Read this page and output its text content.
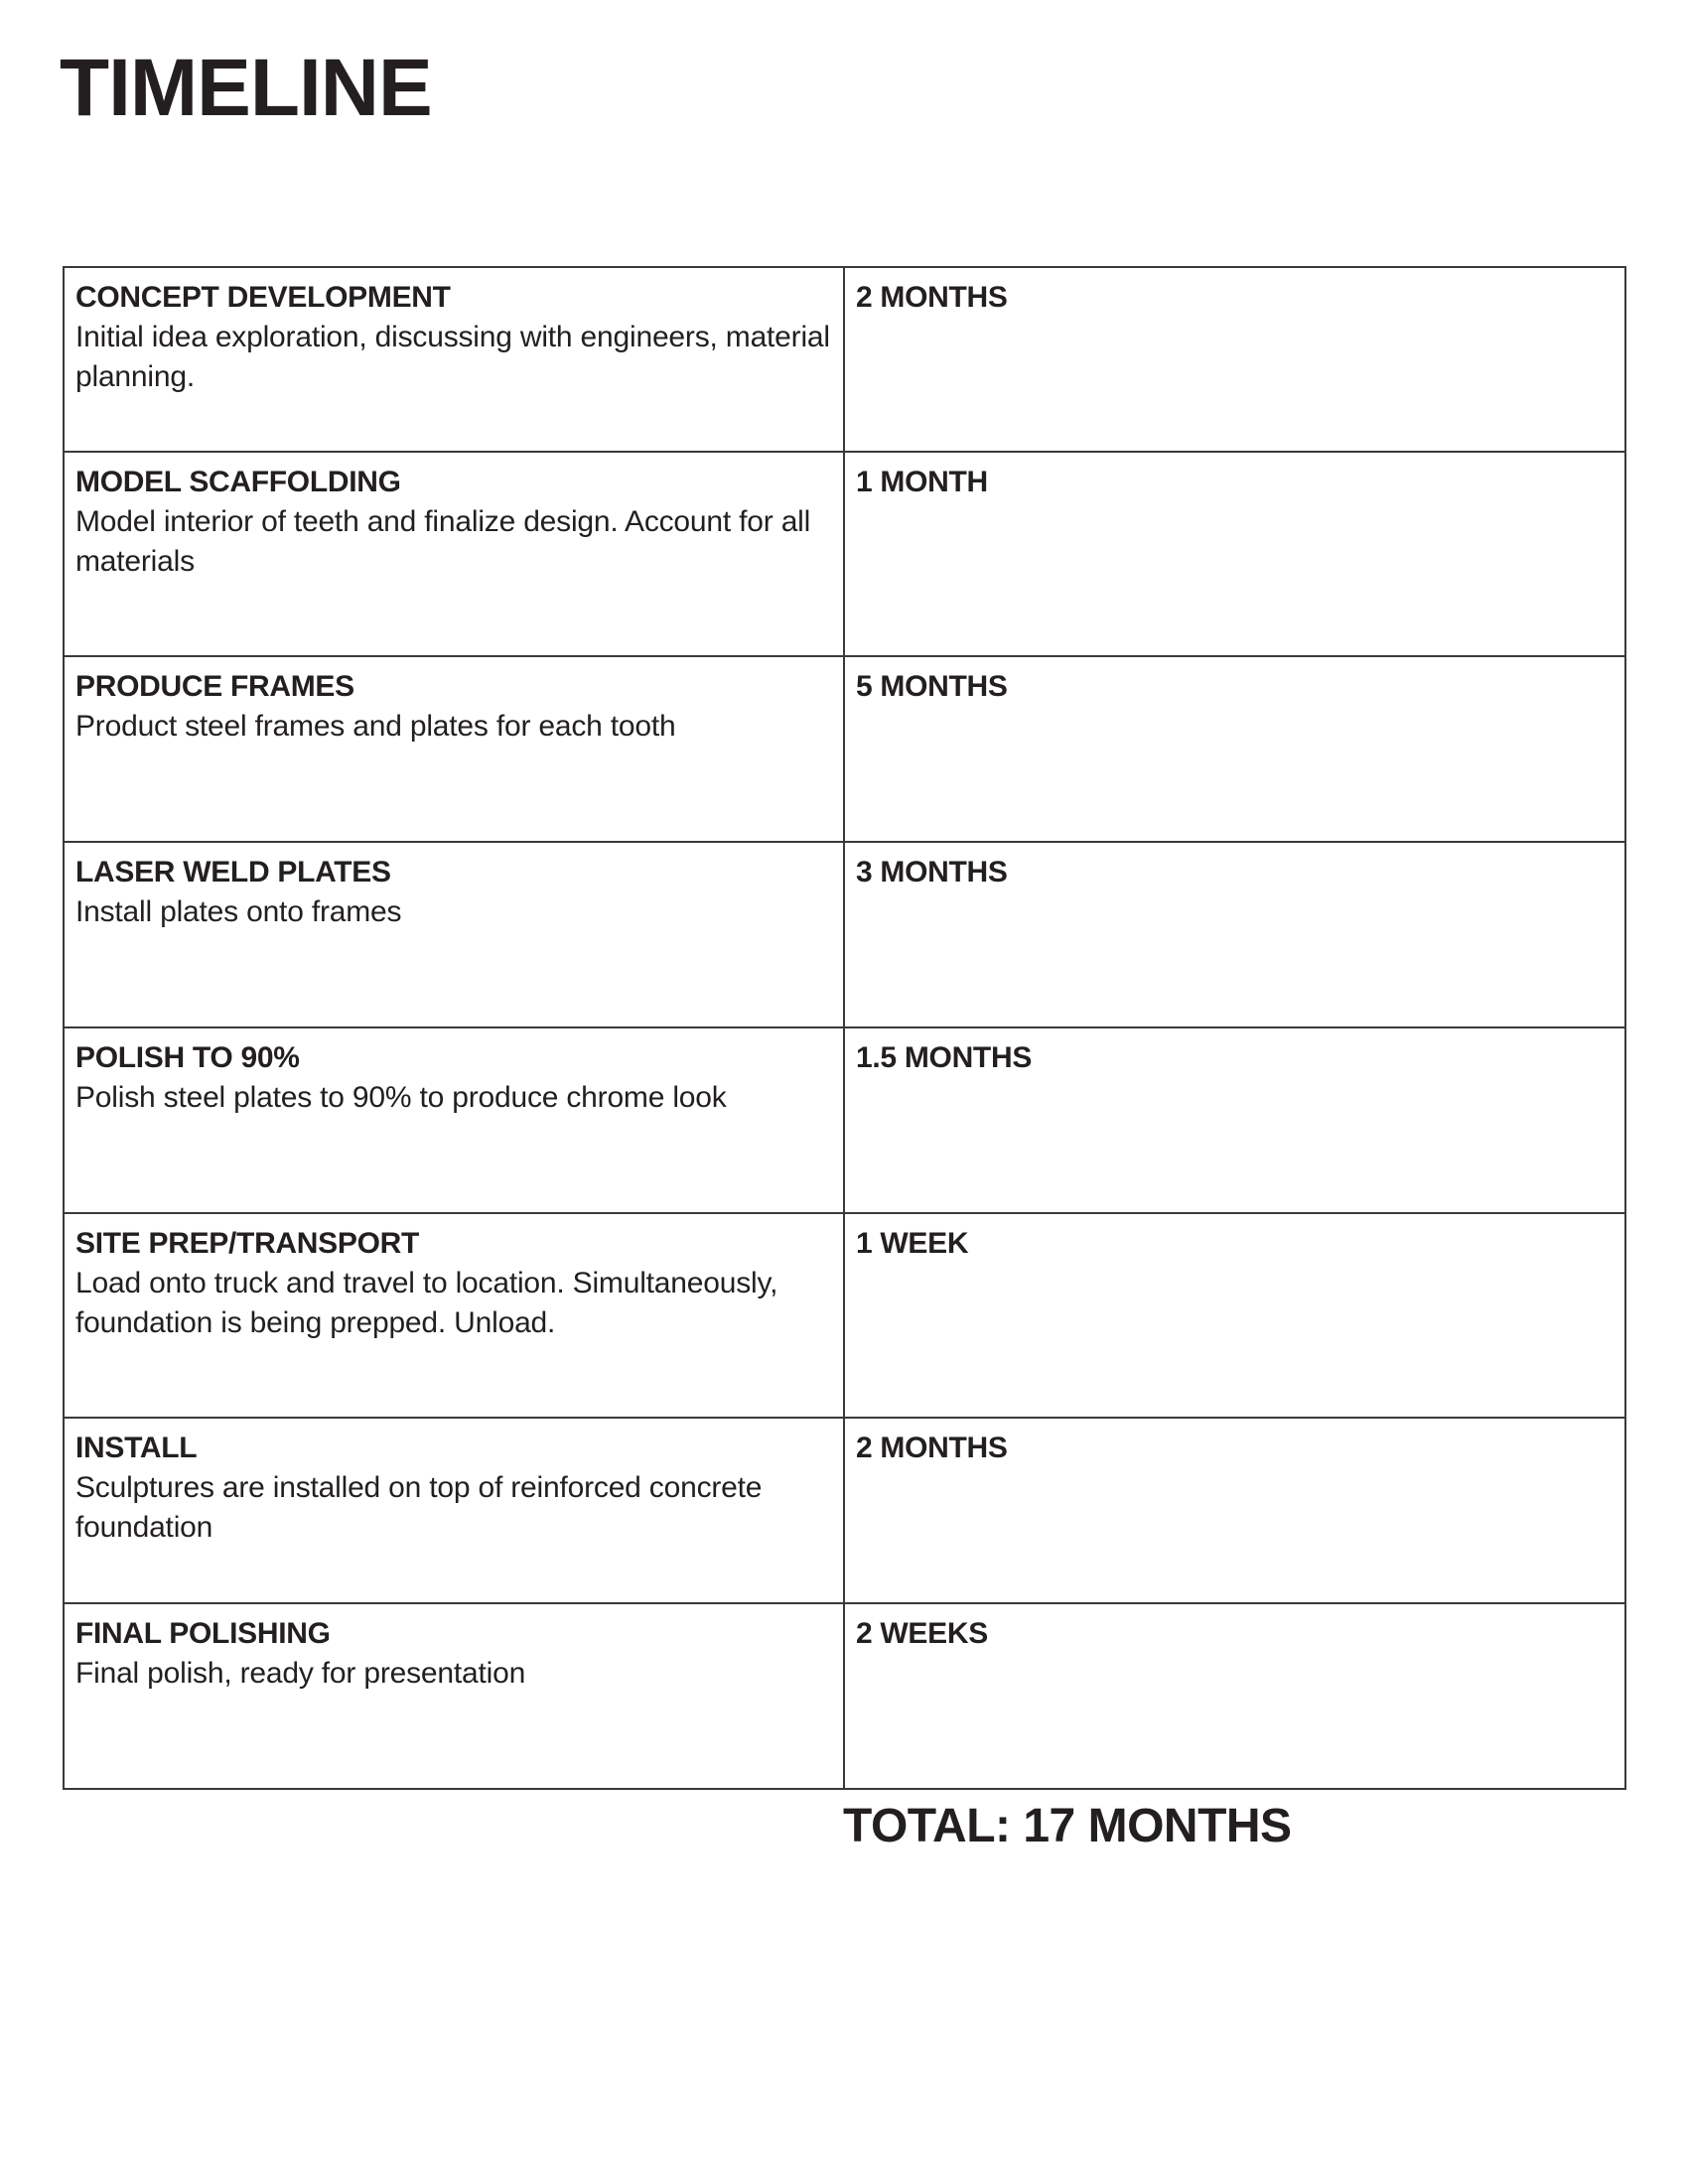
TIMELINE
CONCEPT DEVELOPMENT
Initial idea exploration, discussing with engineers, material planning.	2 MONTHS

MODEL SCAFFOLDING
Model interior of teeth and finalize design. Account for all materials	1 MONTH

PRODUCE FRAMES
Product steel frames and plates for each tooth	5 MONTHS

LASER WELD PLATES
Install plates onto frames	3 MONTHS

POLISH TO 90%
Polish steel plates to 90% to produce chrome look	1.5 MONTHS

SITE PREP/TRANSPORT
Load onto truck and travel to location. Simultaneously, foundation is being prepped. Unload.	1 WEEK

INSTALL
Sculptures are installed on top of reinforced concrete foundation	2 MONTHS

FINAL POLISHING
Final polish, ready for presentation	2 WEEKS
TOTAL: 17 MONTHS
